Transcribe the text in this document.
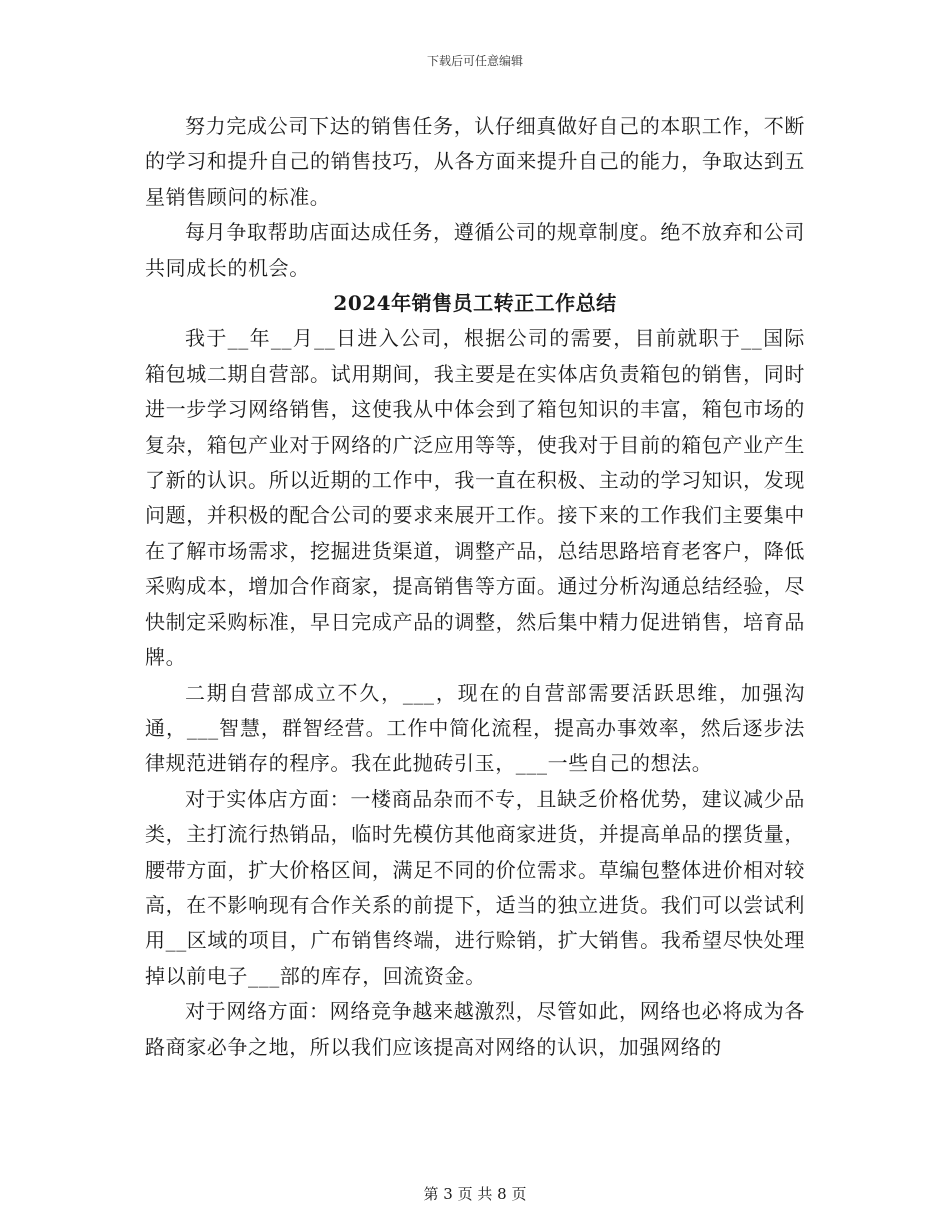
下载后可任意编辑

努力完成公司下达的销售任务，认仔细真做好自己的本职工作，不断的学习和提升自己的销售技巧，从各方面来提升自己的能力，争取达到五星销售顾问的标准。

每月争取帮助店面达成任务，遵循公司的规章制度。绝不放弃和公司共同成长的机会。

2024年销售员工转正工作总结

我于__年__月__日进入公司，根据公司的需要，目前就职于__国际箱包城二期自营部。试用期间，我主要是在实体店负责箱包的销售，同时进一步学习网络销售，这使我从中体会到了箱包知识的丰富，箱包市场的复杂，箱包产业对于网络的广泛应用等等，使我对于目前的箱包产业产生了新的认识。所以近期的工作中，我一直在积极、主动的学习知识，发现问题，并积极的配合公司的要求来展开工作。接下来的工作我们主要集中在了解市场需求，挖掘进货渠道，调整产品，总结思路培育老客户，降低采购成本，增加合作商家，提高销售等方面。通过分析沟通总结经验，尽快制定采购标准，早日完成产品的调整，然后集中精力促进销售，培育品牌。

二期自营部成立不久，___，现在的自营部需要活跃思维，加强沟通，___智慧，群智经营。工作中简化流程，提高办事效率，然后逐步法律规范进销存的程序。我在此抛砖引玉，___一些自己的想法。

对于实体店方面：一楼商品杂而不专，且缺乏价格优势，建议减少品类，主打流行热销品，临时先模仿其他商家进货，并提高单品的摆货量，腰带方面，扩大价格区间，满足不同的价位需求。草编包整体进价相对较高，在不影响现有合作关系的前提下，适当的独立进货。我们可以尝试利用__区域的项目，广布销售终端，进行赊销，扩大销售。我希望尽快处理掉以前电子___部的库存，回流资金。

对于网络方面：网络竞争越来越激烈，尽管如此，网络也必将成为各路商家必争之地，所以我们应该提高对网络的认识，加强网络的

第 3 页 共 8 页
